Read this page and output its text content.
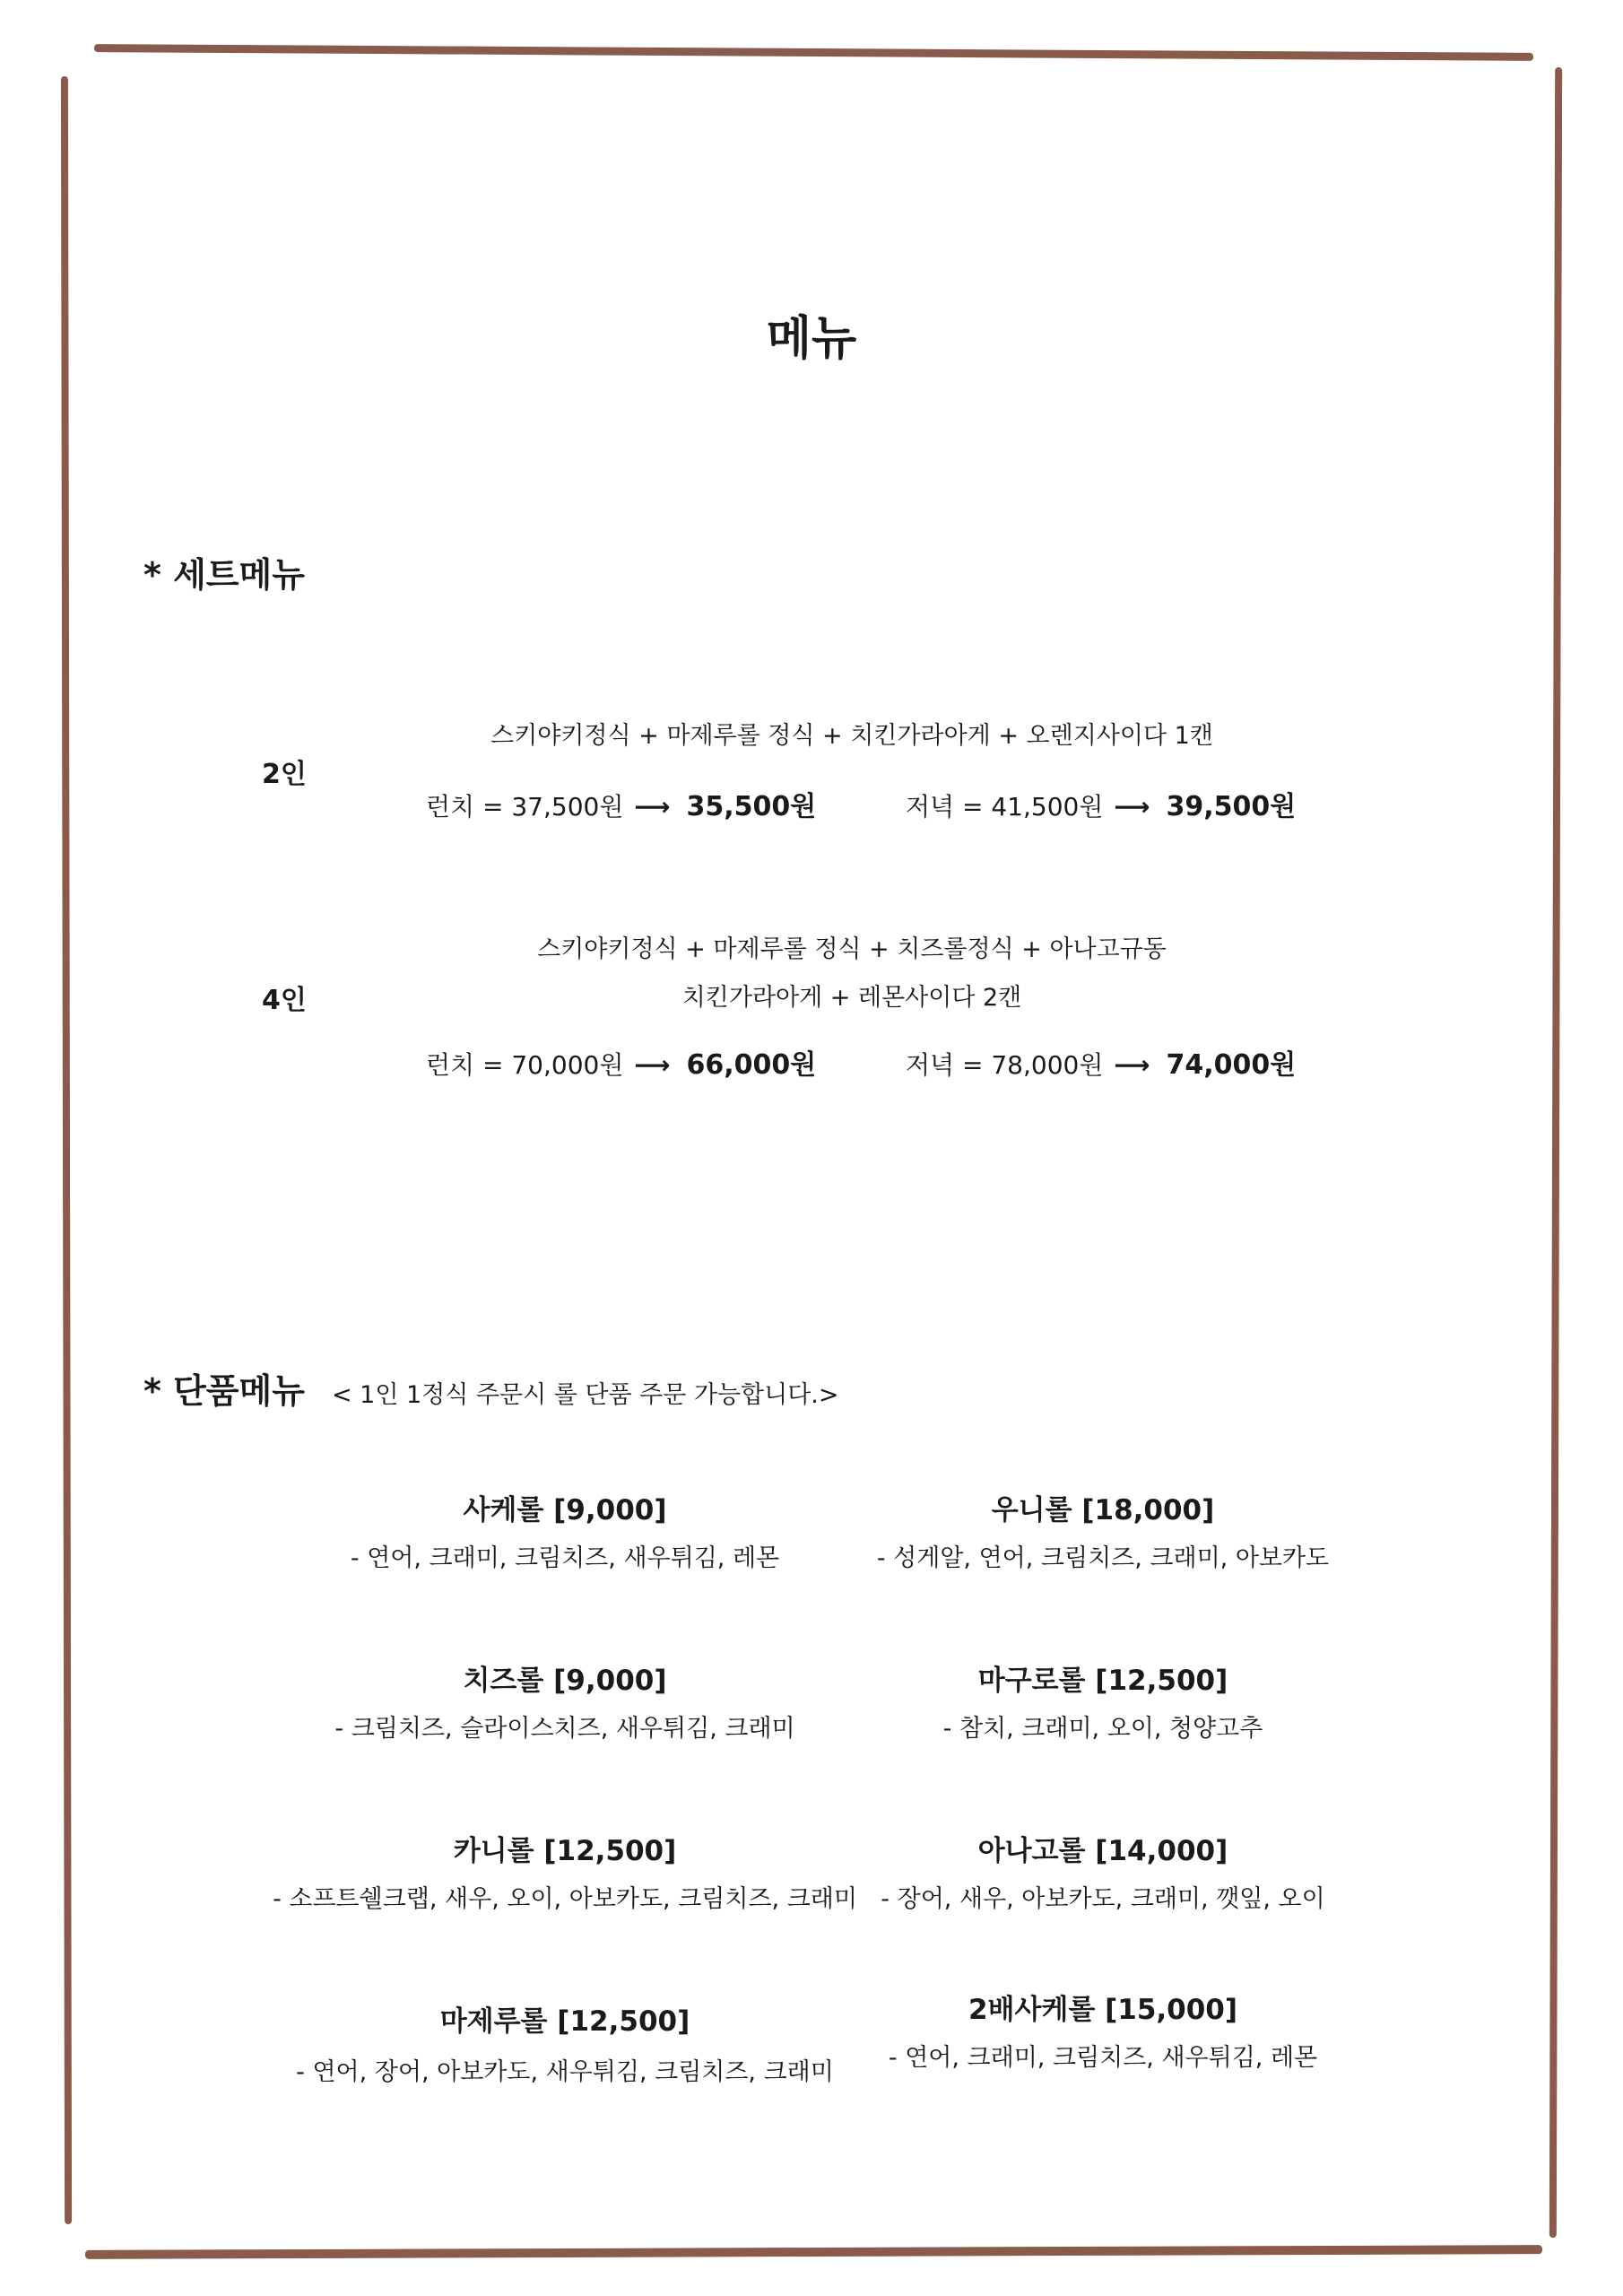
메뉴
* 세트메뉴
2인
스키야키정식 + 마제루롤 정식 + 치킨가라아게 + 오렌지사이다 1캔
런치 = 37,500원 ⟶ 35,500원	저녁 = 41,500원 ⟶ 39,500원
4인
스키야키정식 + 마제루롤 정식 + 치즈롤정식 + 아나고규동
치킨가라아게 + 레몬사이다 2캔
런치 = 70,000원 ⟶ 66,000원	저녁 = 78,000원 ⟶ 74,000원
* 단품메뉴 < 1인 1정식 주문시 롤 단품 주문 가능합니다.>
사케롤 [9,000]
- 연어, 크래미, 크림치즈, 새우튀김, 레몬
치즈롤 [9,000]
- 크림치즈, 슬라이스치즈, 새우튀김, 크래미
카니롤 [12,500]
- 소프트쉘크랩, 새우, 오이, 아보카도, 크림치즈, 크래미
마제루롤 [12,500]
- 연어, 장어, 아보카도, 새우튀김, 크림치즈, 크래미
우니롤 [18,000]
- 성게알, 연어, 크림치즈, 크래미, 아보카도
마구로롤 [12,500]
- 참치, 크래미, 오이, 청양고추
아나고롤 [14,000]
- 장어, 새우, 아보카도, 크래미, 깻잎, 오이
2배사케롤 [15,000]
- 연어, 크래미, 크림치즈, 새우튀김, 레몬
